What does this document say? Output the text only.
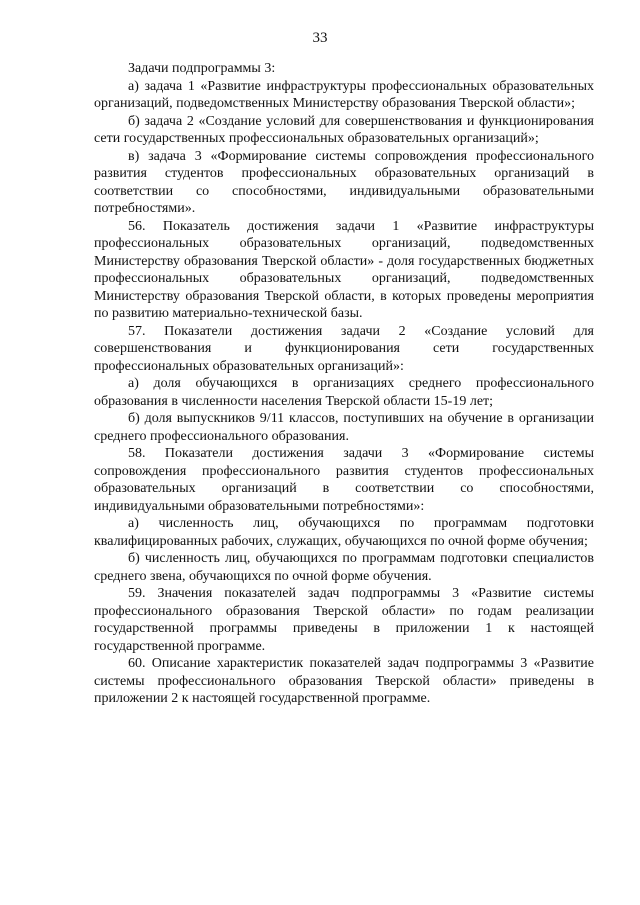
33

Задачи подпрограммы 3:

а) задача 1 «Развитие инфраструктуры профессиональных образовательных организаций, подведомственных Министерству образования Тверской области»;

б) задача 2 «Создание условий для совершенствования и функционирования сети государственных профессиональных образовательных организаций»;

в) задача 3 «Формирование системы сопровождения профессионального развития студентов профессиональных образовательных организаций в соответствии со способностями, индивидуальными образовательными потребностями».

56. Показатель достижения задачи 1 «Развитие инфраструктуры профессиональных образовательных организаций, подведомственных Министерству образования Тверской области» - доля государственных бюджетных профессиональных образовательных организаций, подведомственных Министерству образования Тверской области, в которых проведены мероприятия по развитию материально-технической базы.

57. Показатели достижения задачи 2 «Создание условий для совершенствования и функционирования сети государственных профессиональных образовательных организаций»:

а) доля обучающихся в организациях среднего профессионального образования в численности населения Тверской области 15-19 лет;

б) доля выпускников 9/11 классов, поступивших на обучение в организации среднего профессионального образования.

58. Показатели достижения задачи 3 «Формирование системы сопровождения профессионального развития студентов профессиональных образовательных организаций в соответствии со способностями, индивидуальными образовательными потребностями»:

а) численность лиц, обучающихся по программам подготовки квалифицированных рабочих, служащих, обучающихся по очной форме обучения;

б) численность лиц, обучающихся по программам подготовки специалистов среднего звена, обучающихся по очной форме обучения.

59. Значения показателей задач подпрограммы 3 «Развитие системы профессионального образования Тверской области» по годам реализации государственной программы приведены в приложении 1 к настоящей государственной программе.

60. Описание характеристик показателей задач подпрограммы 3 «Развитие системы профессионального образования Тверской области» приведены в приложении 2 к настоящей государственной программе.
